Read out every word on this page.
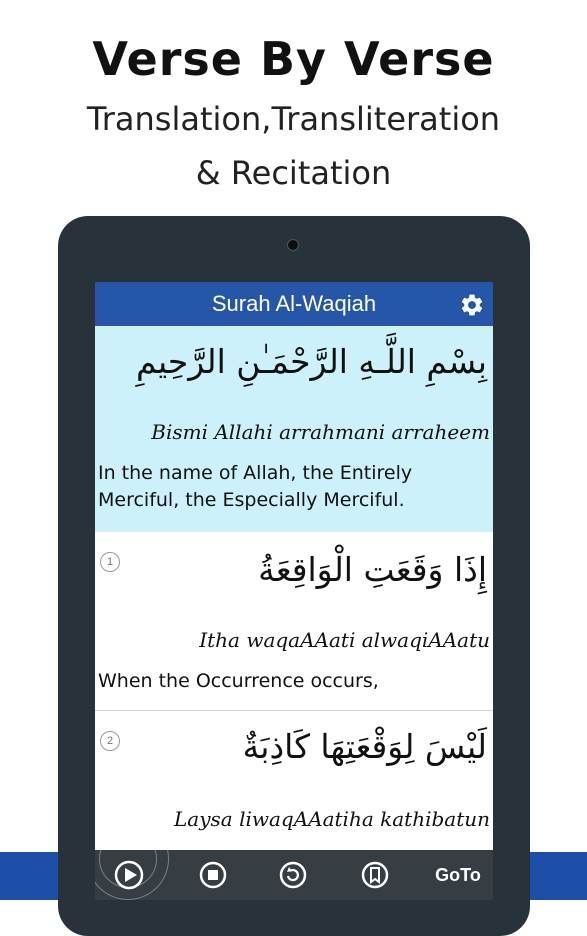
Verse By Verse
Translation,Transliteration
& Recitation
Surah Al-Waqiah
بِسْمِ اللَّـهِ الرَّحْمَـٰنِ الرَّحِيمِ
Bismi Allahi arrahmani arraheem
In the name of Allah, the Entirely Merciful, the Especially Merciful.
1	إِذَا وَقَعَتِ الْوَاقِعَةُ
Itha waqaAAati alwaqiAAatu
When the Occurrence occurs,
2	لَيْسَ لِوَقْعَتِهَا كَاذِبَةٌ
Laysa liwaqAAatiha kathibatun
GoTo
